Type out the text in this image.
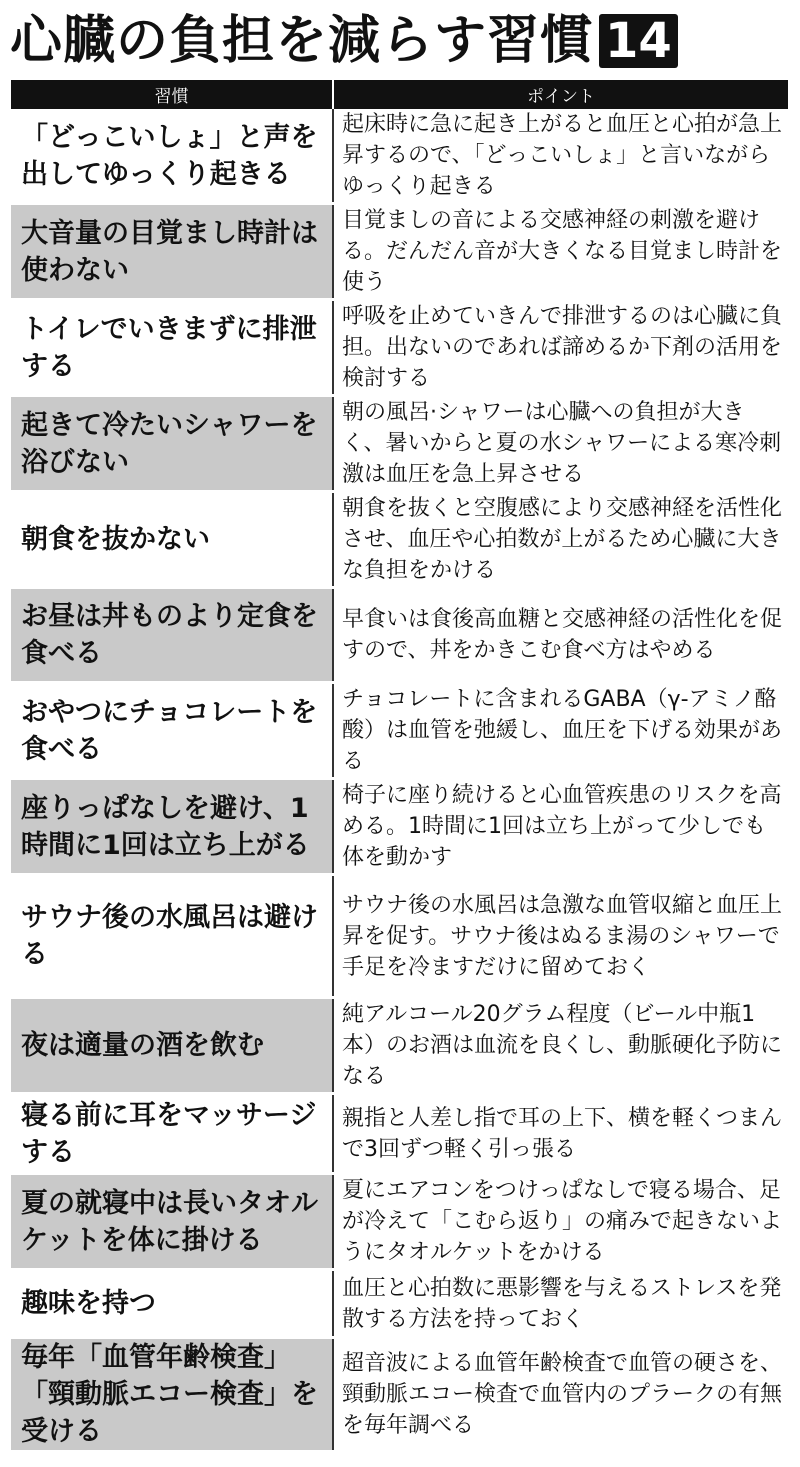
心臓の負担を減らす習慣 14
習慣	ポイント
「どっこいしょ」と声を出してゆっくり起きる	起床時に急に起き上がると血圧と心拍が急上昇するので、「どっこいしょ」と言いながらゆっくり起きる
大音量の目覚まし時計は使わない	目覚ましの音による交感神経の刺激を避ける。だんだん音が大きくなる目覚まし時計を使う
トイレでいきまずに排泄する	呼吸を止めていきんで排泄するのは心臓に負担。出ないのであれば諦めるか下剤の活用を検討する
起きて冷たいシャワーを浴びない	朝の風呂·シャワーは心臓への負担が大きく、暑いからと夏の水シャワーによる寒冷刺激は血圧を急上昇させる
朝食を抜かない	朝食を抜くと空腹感により交感神経を活性化させ、血圧や心拍数が上がるため心臓に大きな負担をかける
お昼は丼ものより定食を食べる	早食いは食後高血糖と交感神経の活性化を促すので、丼をかきこむ食べ方はやめる
おやつにチョコレートを食べる	チョコレートに含まれるGABA（γ-アミノ酪酸）は血管を弛緩し、血圧を下げる効果がある
座りっぱなしを避け、1時間に1回は立ち上がる	椅子に座り続けると心血管疾患のリスクを高める。1時間に1回は立ち上がって少しでも体を動かす
サウナ後の水風呂は避ける	サウナ後の水風呂は急激な血管収縮と血圧上昇を促す。サウナ後はぬるま湯のシャワーで手足を冷ますだけに留めておく
夜は適量の酒を飲む	純アルコール20グラム程度（ビール中瓶1本）のお酒は血流を良くし、動脈硬化予防になる
寝る前に耳をマッサージする	親指と人差し指で耳の上下、横を軽くつまんで3回ずつ軽く引っ張る
夏の就寝中は長いタオルケットを体に掛ける	夏にエアコンをつけっぱなしで寝る場合、足が冷えて「こむら返り」の痛みで起きないようにタオルケットをかける
趣味を持つ	血圧と心拍数に悪影響を与えるストレスを発散する方法を持っておく
毎年「血管年齢検査」「頸動脈エコー検査」を受ける	超音波による血管年齢検査で血管の硬さを、頸動脈エコー検査で血管内のプラークの有無を毎年調べる
